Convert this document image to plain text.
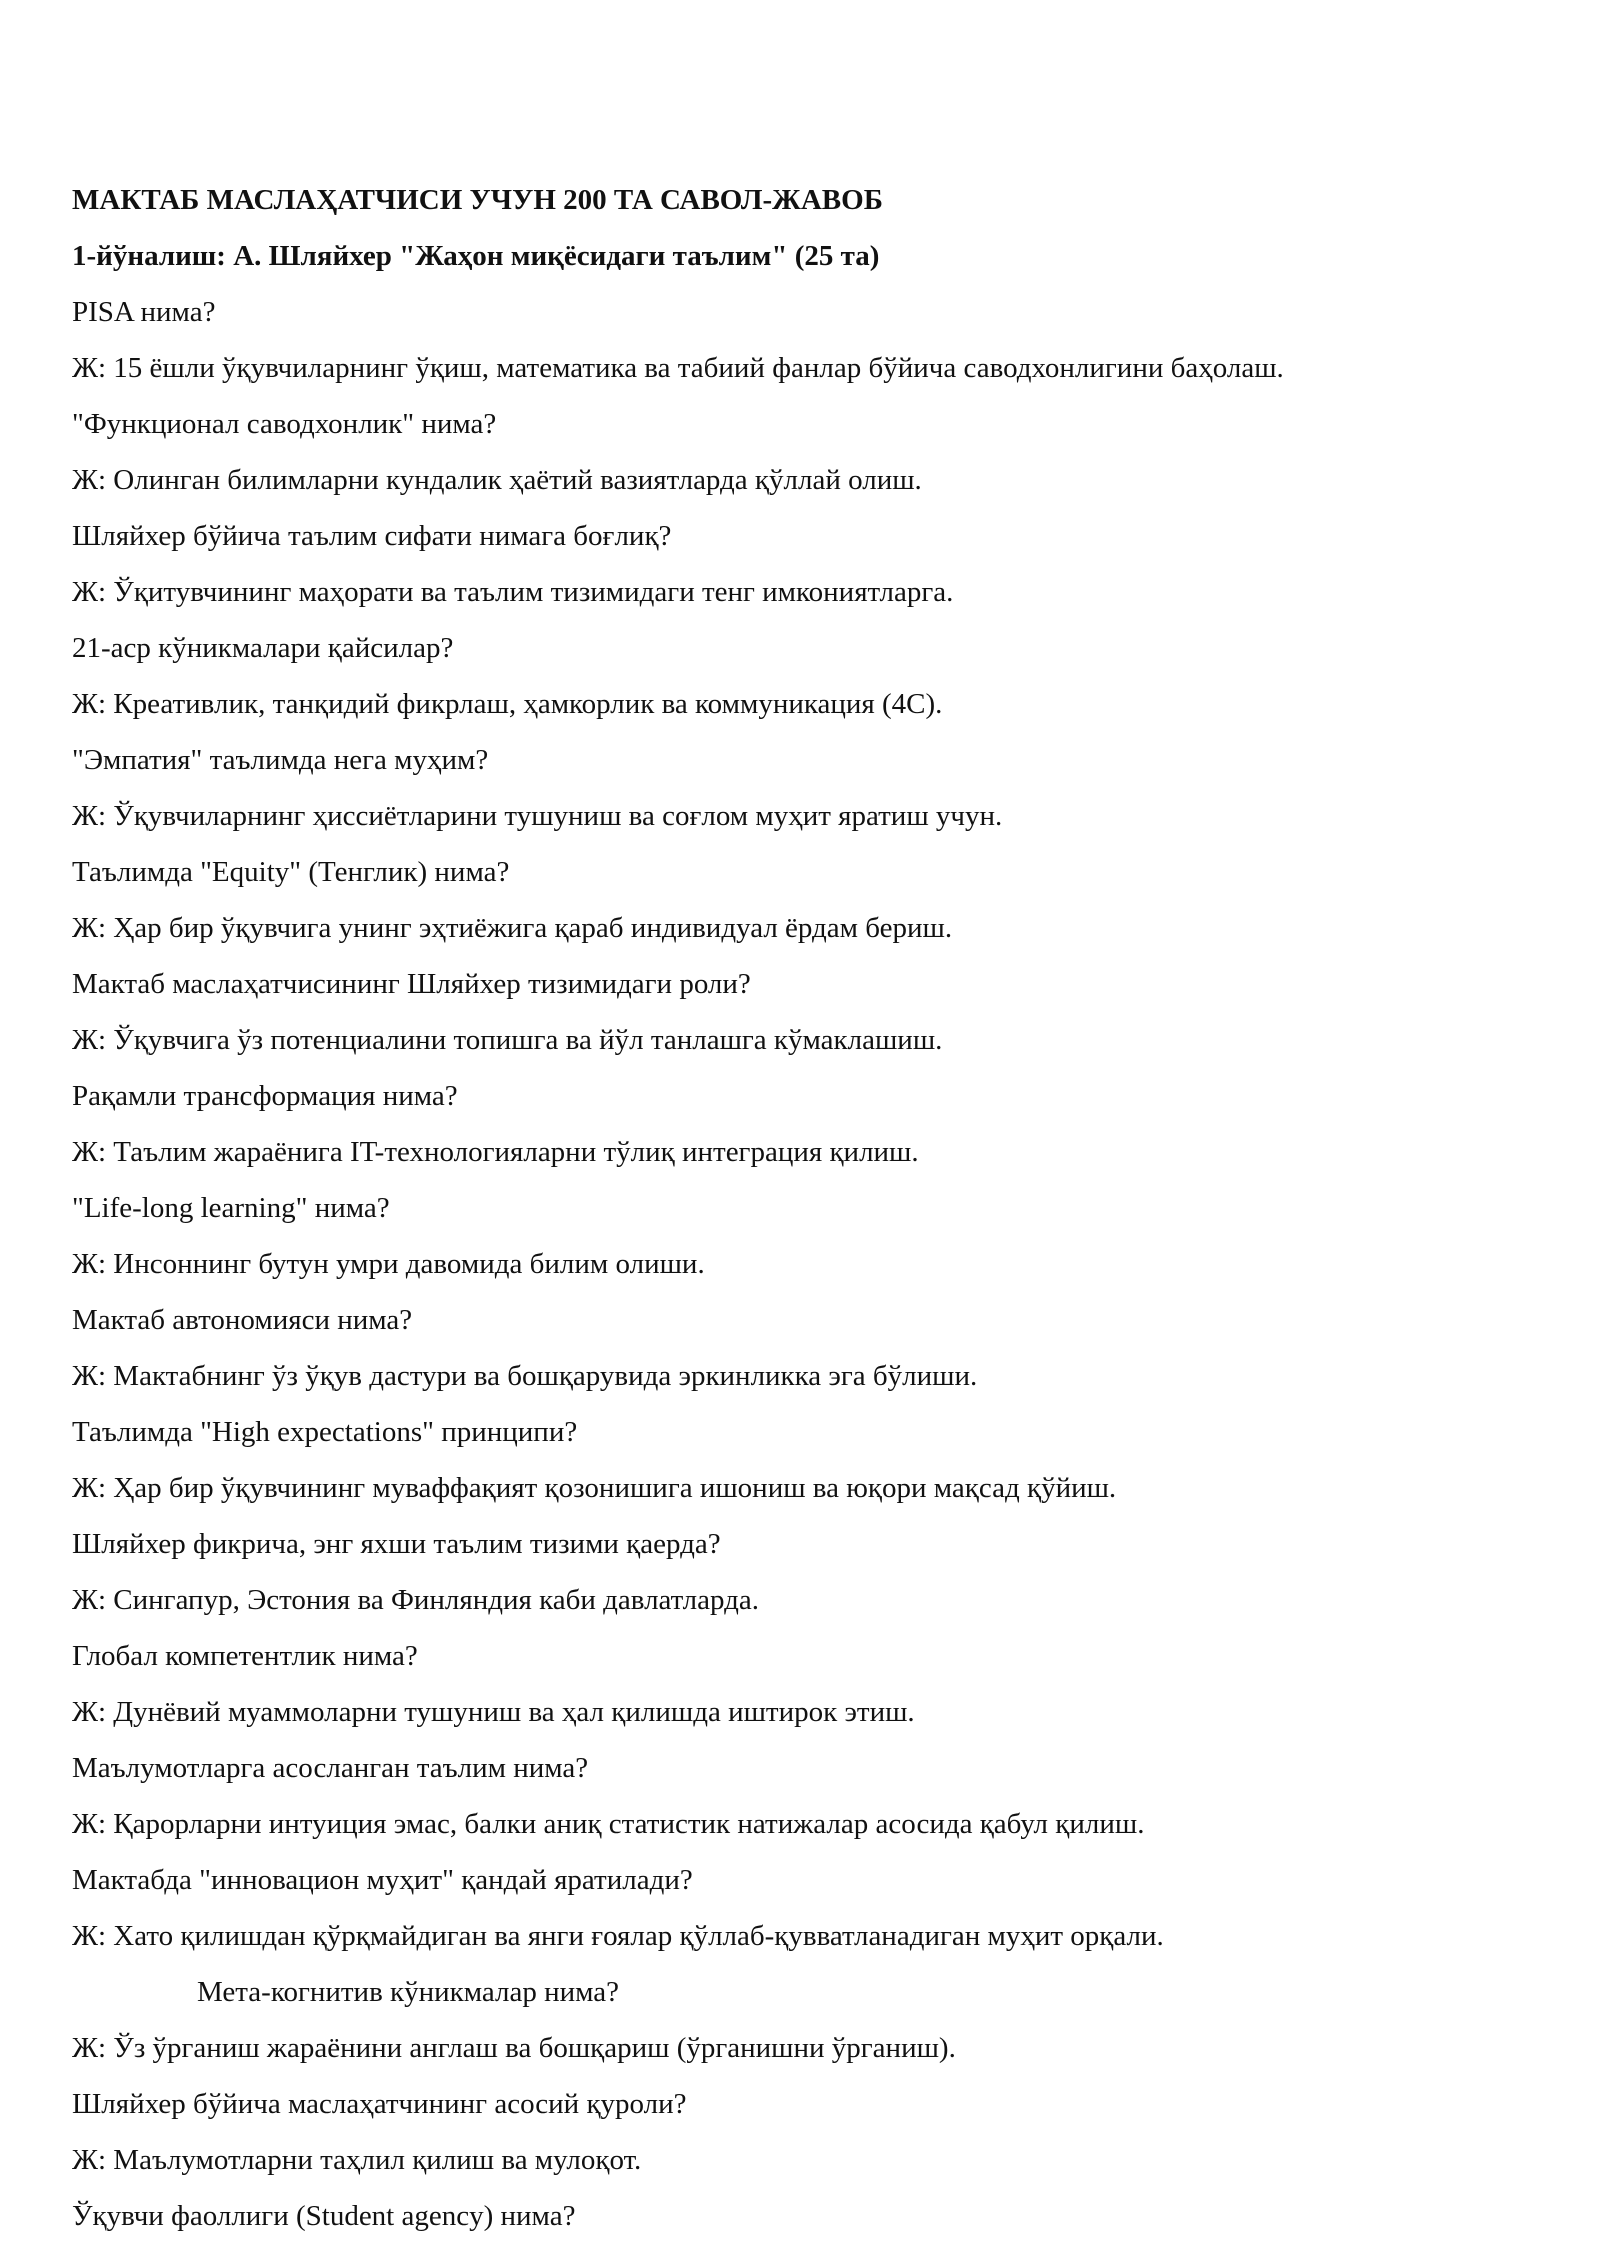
МАКТАБ МАСЛАҲАТЧИСИ УЧУН 200 ТА САВОЛ-ЖАВОБ
1-йўналиш: А. Шляйхер "Жаҳон миқёсидаги таълим" (25 та)
PISA нима?
Ж: 15 ёшли ўқувчиларнинг ўқиш, математика ва табиий фанлар бўйича саводхонлигини баҳолаш.
"Функционал саводхонлик" нима?
Ж: Олинган билимларни кундалик ҳаётий вазиятларда қўллай олиш.
Шляйхер бўйича таълим сифати нимага боғлиқ?
Ж: Ўқитувчининг маҳорати ва таълим тизимидаги тенг имкониятларга.
21-аср кўникмалари қайсилар?
Ж: Креативлик, танқидий фикрлаш, ҳамкорлик ва коммуникация (4C).
"Эмпатия" таълимда нега муҳим?
Ж: Ўқувчиларнинг ҳиссиётларини тушуниш ва соғлом муҳит яратиш учун.
Таълимда "Equity" (Тенглик) нима?
Ж: Ҳар бир ўқувчига унинг эҳтиёжига қараб индивидуал ёрдам бериш.
Мактаб маслаҳатчисининг Шляйхер тизимидаги роли?
Ж: Ўқувчига ўз потенциалини топишга ва йўл танлашга кўмаклашиш.
Рақамли трансформация нима?
Ж: Таълим жараёнига IT-технологияларни тўлиқ интеграция қилиш.
"Life-long learning" нима?
Ж: Инсоннинг бутун умри давомида билим олиши.
Мактаб автономияси нима?
Ж: Мактабнинг ўз ўқув дастури ва бошқарувида эркинликка эга бўлиши.
Таълимда "High expectations" принципи?
Ж: Ҳар бир ўқувчининг муваффақият қозонишига ишониш ва юқори мақсад қўйиш.
Шляйхер фикрича, энг яхши таълим тизими қаерда?
Ж: Сингапур, Эстония ва Финляндия каби давлатларда.
Глобал компетентлик нима?
Ж: Дунёвий муаммоларни тушуниш ва ҳал қилишда иштирок этиш.
Маълумотларга асосланган таълим нима?
Ж: Қарорларни интуиция эмас, балки аниқ статистик натижалар асосида қабул қилиш.
Мактабда "инновацион муҳит" қандай яратилади?
Ж: Хато қилишдан қўрқмайдиган ва янги ғоялар қўллаб-қувватланадиган муҳит орқали.
Мета-когнитив кўникмалар нима?
Ж: Ўз ўрганиш жараёнини англаш ва бошқариш (ўрганишни ўрганиш).
Шляйхер бўйича маслаҳатчининг асосий қуроли?
Ж: Маълумотларни таҳлил қилиш ва мулоқот.
Ўқувчи фаоллиги (Student agency) нима?
